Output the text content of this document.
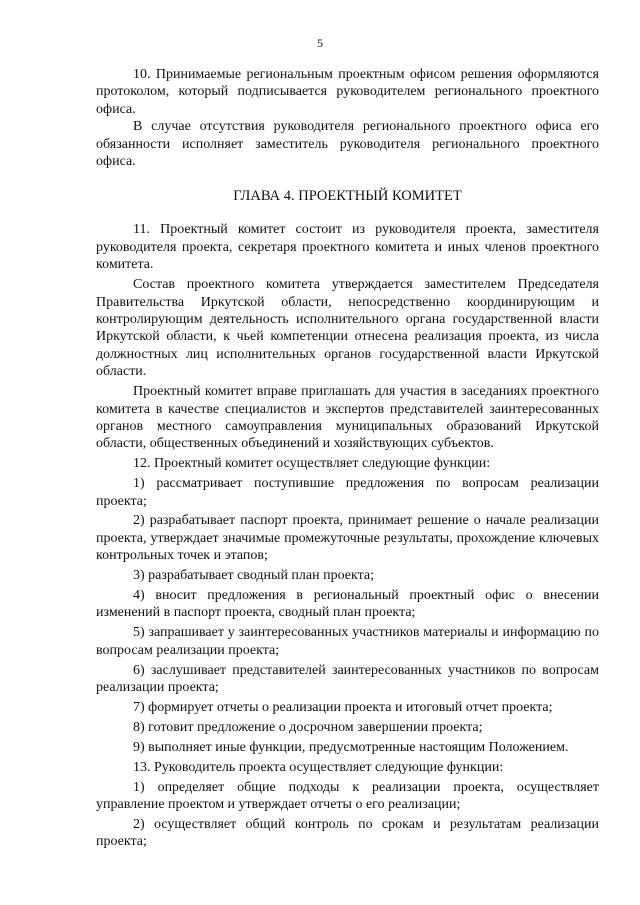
5

10. Принимаемые региональным проектным офисом решения оформляются протоколом, который подписывается руководителем регионального проектного офиса.

В случае отсутствия руководителя регионального проектного офиса его обязанности исполняет заместитель руководителя регионального проектного офиса.

ГЛАВА 4. ПРОЕКТНЫЙ КОМИТЕТ

11. Проектный комитет состоит из руководителя проекта, заместителя руководителя проекта, секретаря проектного комитета и иных членов проектного комитета.

Состав проектного комитета утверждается заместителем Председателя Правительства Иркутской области, непосредственно координирующим и контролирующим деятельность исполнительного органа государственной власти Иркутской области, к чьей компетенции отнесена реализация проекта, из числа должностных лиц исполнительных органов государственной власти Иркутской области.

Проектный комитет вправе приглашать для участия в заседаниях проектного комитета в качестве специалистов и экспертов представителей заинтересованных органов местного самоуправления муниципальных образований Иркутской области, общественных объединений и хозяйствующих субъектов.

12. Проектный комитет осуществляет следующие функции:

1) рассматривает поступившие предложения по вопросам реализации проекта;

2) разрабатывает паспорт проекта, принимает решение о начале реализации проекта, утверждает значимые промежуточные результаты, прохождение ключевых контрольных точек и этапов;

3) разрабатывает сводный план проекта;

4) вносит предложения в региональный проектный офис о внесении изменений в паспорт проекта, сводный план проекта;

5) запрашивает у заинтересованных участников материалы и информацию по вопросам реализации проекта;

6) заслушивает представителей заинтересованных участников по вопросам реализации проекта;

7) формирует отчеты о реализации проекта и итоговый отчет проекта;

8) готовит предложение о досрочном завершении проекта;

9) выполняет иные функции, предусмотренные настоящим Положением.

13. Руководитель проекта осуществляет следующие функции:

1) определяет общие подходы к реализации проекта, осуществляет управление проектом и утверждает отчеты о его реализации;

2) осуществляет общий контроль по срокам и результатам реализации проекта;
